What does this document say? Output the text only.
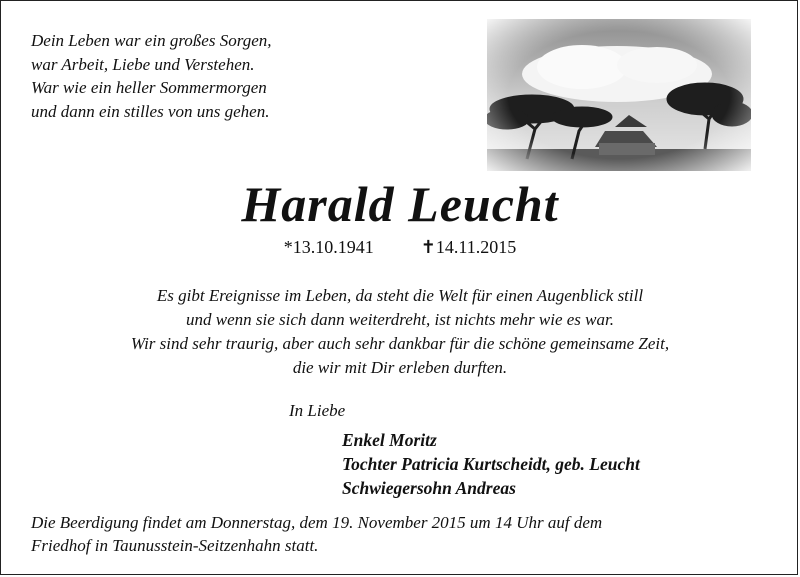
Dein Leben war ein großes Sorgen,
war Arbeit, Liebe und Verstehen.
War wie ein heller Sommermorgen
und dann ein stilles von uns gehen.
Harald Leucht
*13.10.1941	✝14.11.2015
Es gibt Ereignisse im Leben, da steht die Welt für einen Augenblick still
und wenn sie sich dann weiterdreht, ist nichts mehr wie es war.
Wir sind sehr traurig, aber auch sehr dankbar für die schöne gemeinsame Zeit,
die wir mit Dir erleben durften.
In Liebe
Enkel Moritz
Tochter Patricia Kurtscheidt, geb. Leucht
Schwiegersohn Andreas
Die Beerdigung findet am Donnerstag, dem 19. November 2015 um 14 Uhr auf dem
Friedhof in Taunusstein-Seitzenhahn statt.
